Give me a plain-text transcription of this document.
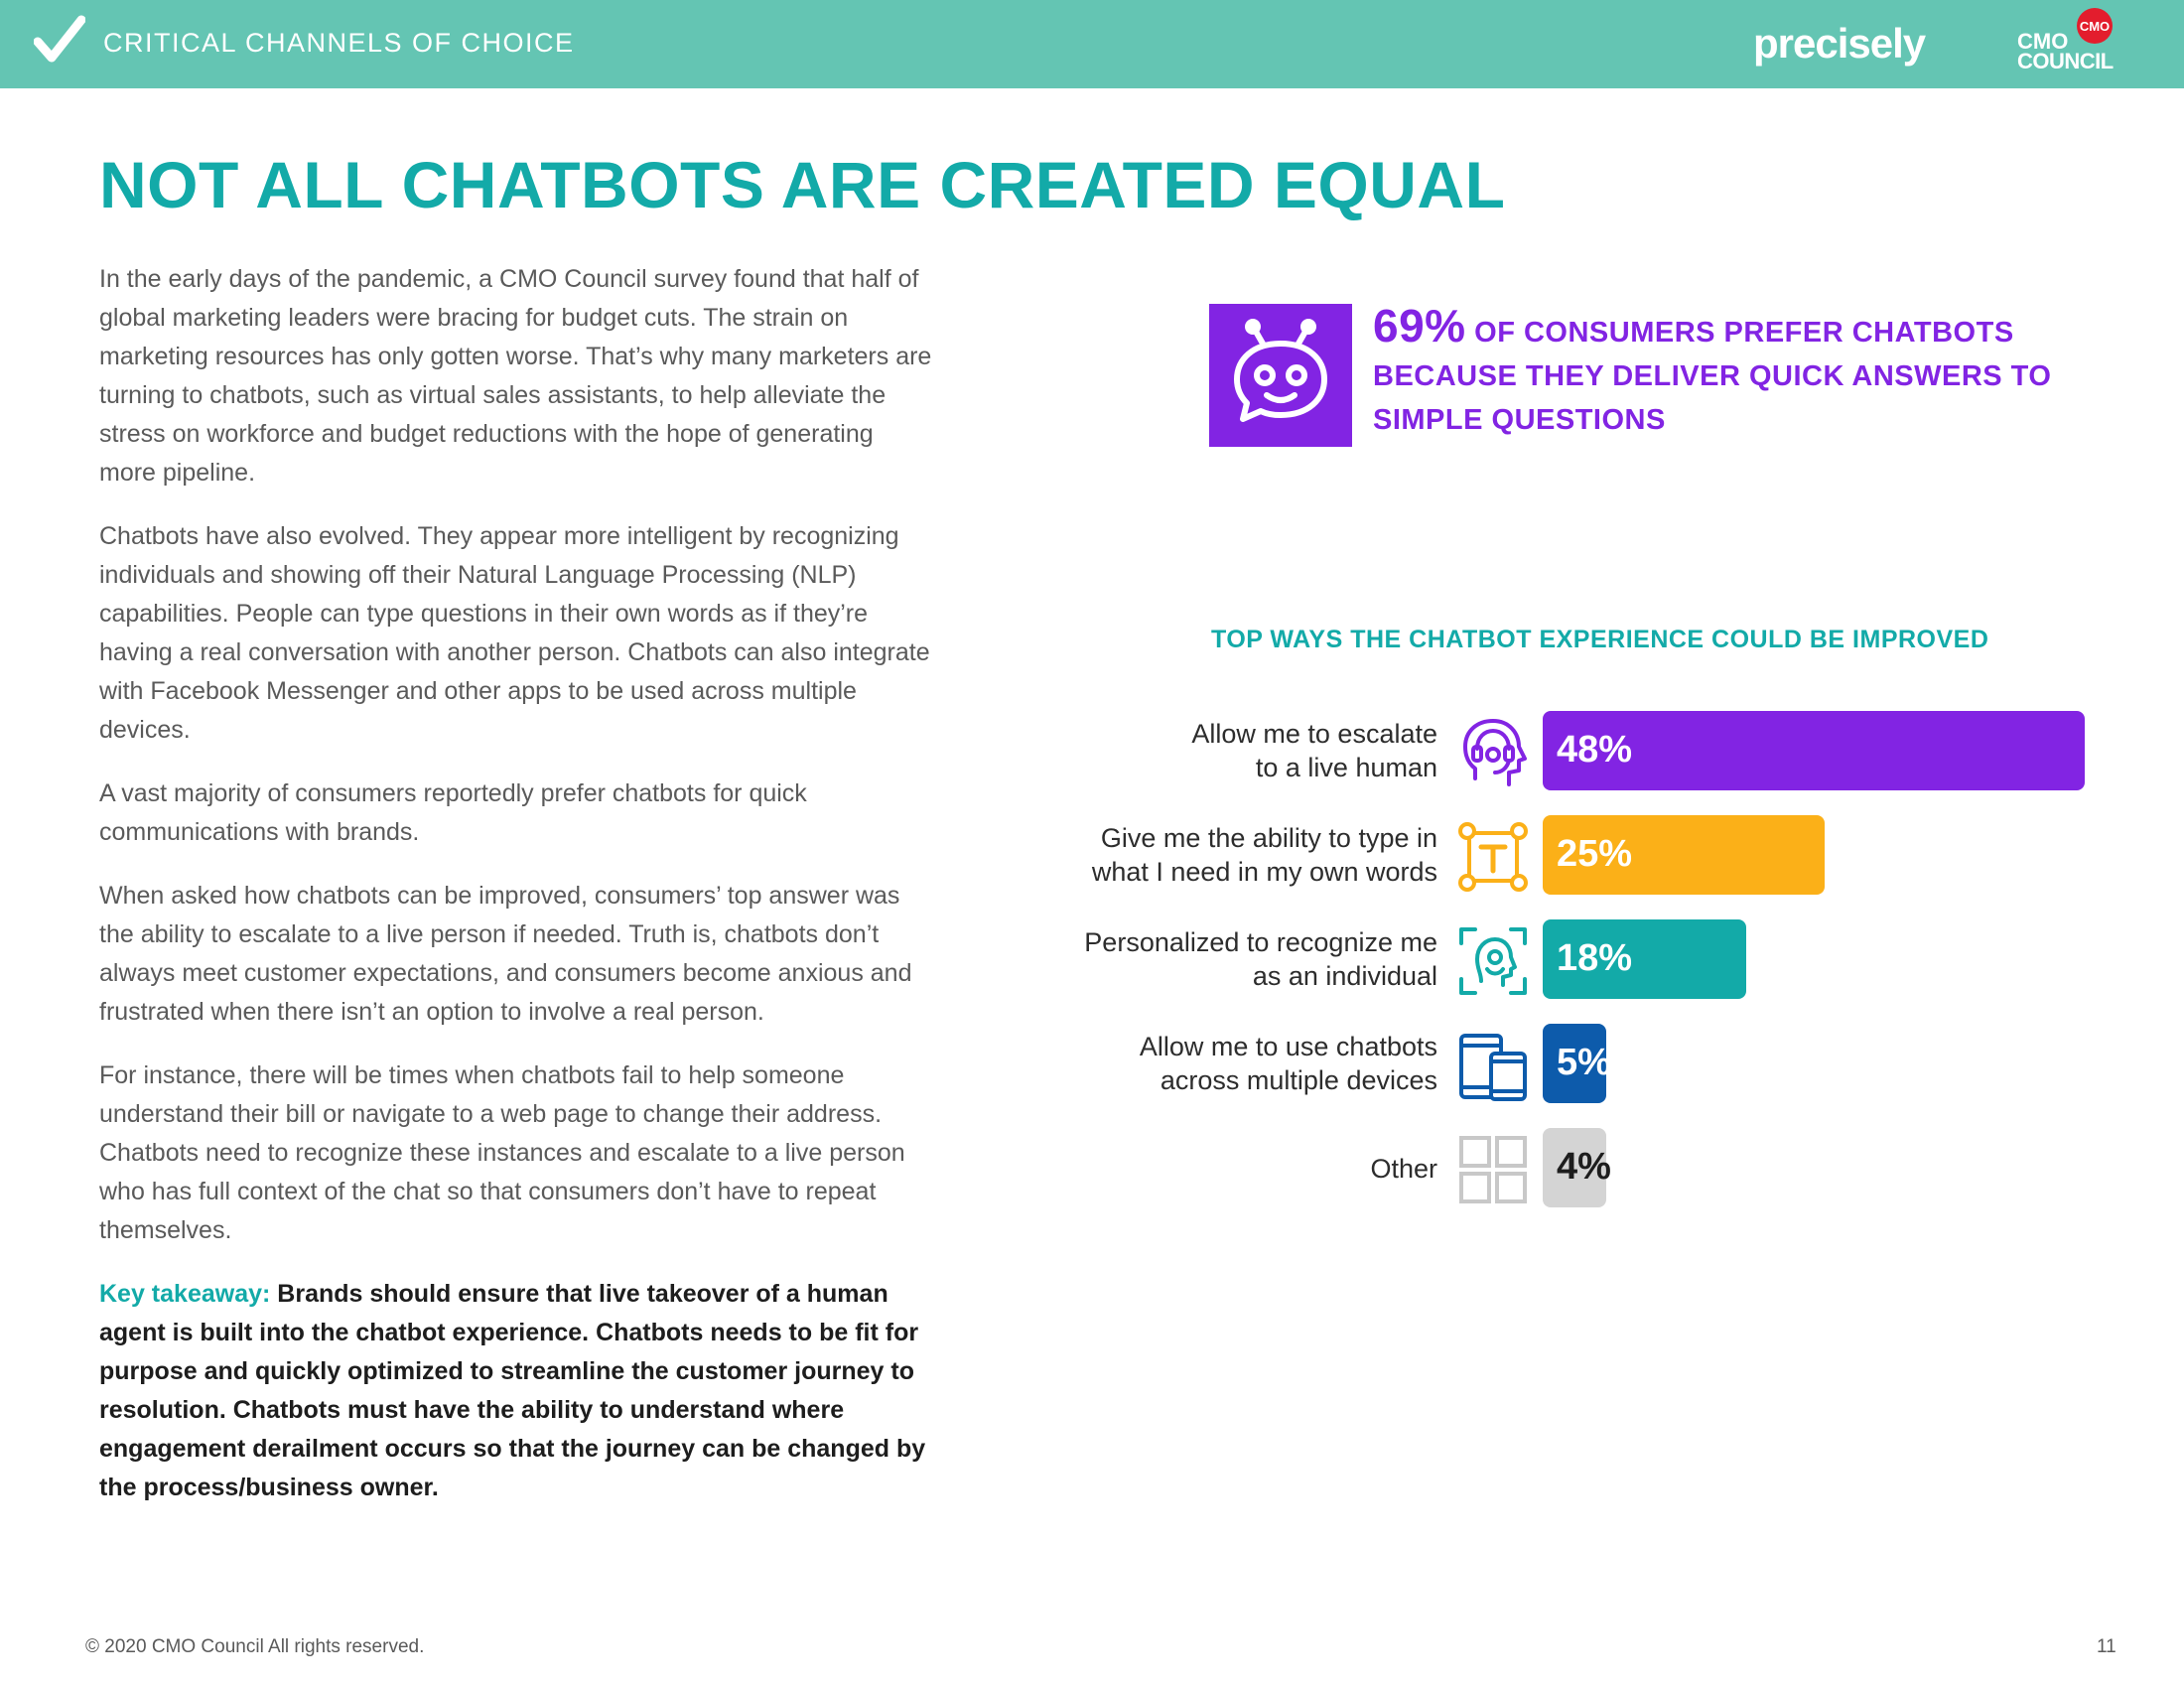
CRITICAL CHANNELS OF CHOICE	precisely	CMO
CMO
COUNCIL
NOT ALL CHATBOTS ARE CREATED EQUAL

In the early days of the pandemic, a CMO Council survey found that half of global marketing leaders were bracing for budget cuts. The strain on marketing resources has only gotten worse. That’s why many marketers are turning to chatbots, such as virtual sales assistants, to help alleviate the stress on workforce and budget reductions with the hope of generating more pipeline.

Chatbots have also evolved. They appear more intelligent by recognizing individuals and showing off their Natural Language Processing (NLP) capabilities. People can type questions in their own words as if they’re having a real conversation with another person. Chatbots can also integrate with Facebook Messenger and other apps to be used across multiple devices.

A vast majority of consumers reportedly prefer chatbots for quick communications with brands.

When asked how chatbots can be improved, consumers’ top answer was the ability to escalate to a live person if needed. Truth is, chatbots don’t always meet customer expectations, and consumers become anxious and frustrated when there isn’t an option to involve a real person.

For instance, there will be times when chatbots fail to help someone understand their bill or navigate to a web page to change their address. Chatbots need to recognize these instances and escalate to a live person who has full context of the chat so that consumers don’t have to repeat themselves.

Key takeaway: Brands should ensure that live takeover of a human agent is built into the chatbot experience. Chatbots needs to be fit for purpose and quickly optimized to streamline the customer journey to resolution. Chatbots must have the ability to understand where engagement derailment occurs so that the journey can be changed by the process/business owner.

69% OF CONSUMERS PREFER CHATBOTS BECAUSE THEY DELIVER QUICK ANSWERS TO SIMPLE QUESTIONS
TOP WAYS THE CHATBOT EXPERIENCE COULD BE IMPROVED
Allow me to escalate
to a live human	48%
Give me the ability to type in
what I need in my own words	25%
Personalized to recognize me
as an individual	18%
Allow me to use chatbots
across multiple devices	5%
Other	4%
© 2020 CMO Council All rights reserved.	11
